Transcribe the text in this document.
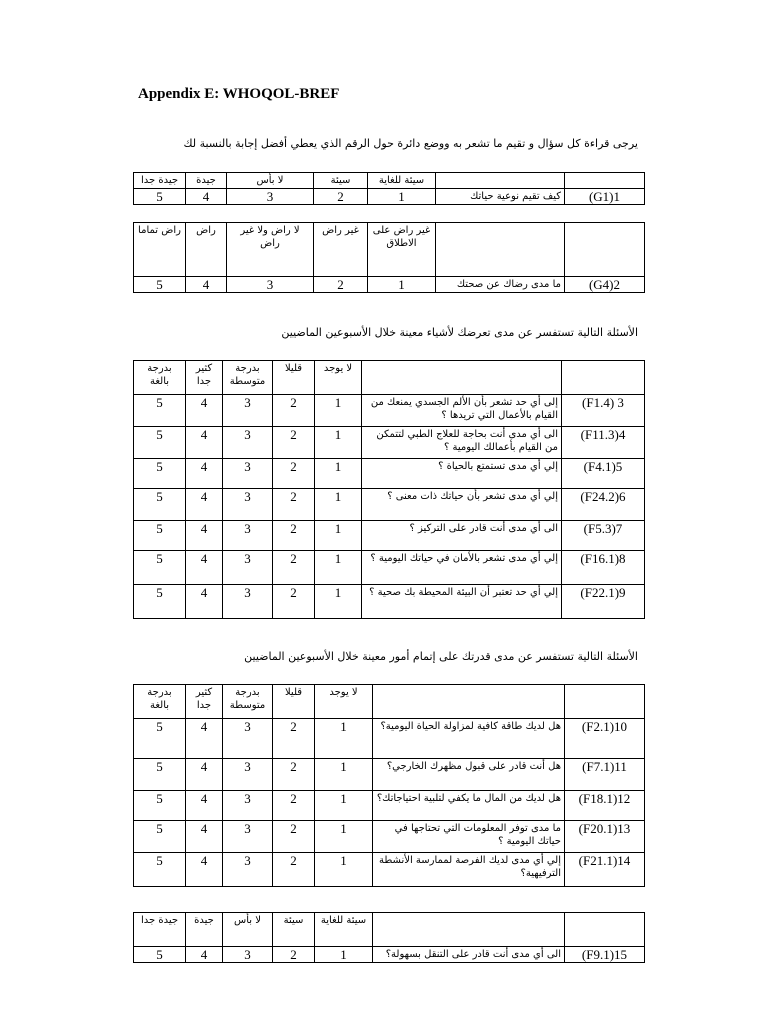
Appendix E: WHOQOL-BREF
يرجى قراءة كل سؤال و تقيم ما تشعر به ووضع دائرة حول الرقم الذي يعطي أفضل إجابة بالنسبة لك
جيدة جدا	جيدة	لا بأس	سيئة	سيئة للغاية		
5	4	3	2	1	كيف تقيم نوعية حياتك	(G1)1
راض تماما	راض	لا راض ولا غير راض	غير راض	غير راض على الاطلاق		
5	4	3	2	1	ما مدى رضاك عن صحتك	(G4)2
الأسئلة التالية تستفسر عن مدى تعرضك لأشياء معينة خلال الأسبوعين الماضيين
بدرجة بالغة	كثير جدا	بدرجة متوسطة	قليلا	لا يوجد		
5	4	3	2	1	إلى أي حد تشعر بأن الألم الجسدي يمنعك من القيام بالأعمال التي تريدها ؟	(F1.4) 3
5	4	3	2	1	الى أي مدى أنت بحاجة للعلاج الطبي لتتمكن من القيام بأعمالك اليومية ؟	(F11.3)4
5	4	3	2	1	إلي أي مدى تستمتع بالحياة ؟	(F4.1)5
5	4	3	2	1	إلي أي مدى تشعر بأن حياتك ذات معنى ؟	(F24.2)6
5	4	3	2	1	الى أي مدى أنت قادر على التركيز ؟	(F5.3)7
5	4	3	2	1	إلي أي مدى تشعر بالأمان في حياتك اليومية ؟	(F16.1)8
5	4	3	2	1	إلي أي حد تعتبر أن البيئة المحيطة بك صحية ؟	(F22.1)9
الأسئلة التالية تستفسر عن مدى قدرتك على إتمام أمور معينة خلال الأسبوعين الماضيين
بدرجة بالغة	كثير جدا	بدرجة متوسطة	قليلا	لا يوجد		
5	4	3	2	1	هل لديك طاقة كافية لمزاولة الحياة اليومية؟	(F2.1)10
5	4	3	2	1	هل أنت قادر على قبول مظهرك الخارجي؟	(F7.1)11
5	4	3	2	1	هل لديك من المال ما يكفي لتلبية احتياجاتك؟	(F18.1)12
5	4	3	2	1	ما مدى توفر المعلومات التي تحتاجها في حياتك اليومية ؟	(F20.1)13
5	4	3	2	1	إلي أي مدى لديك الفرصة لممارسة الأنشطة الترفيهية؟	(F21.1)14
جيدة جدا	جيدة	لا بأس	سيئة	سيئة للغاية		
5	4	3	2	1	الى أي مدى أنت قادر على التنقل بسهولة؟	(F9.1)15
